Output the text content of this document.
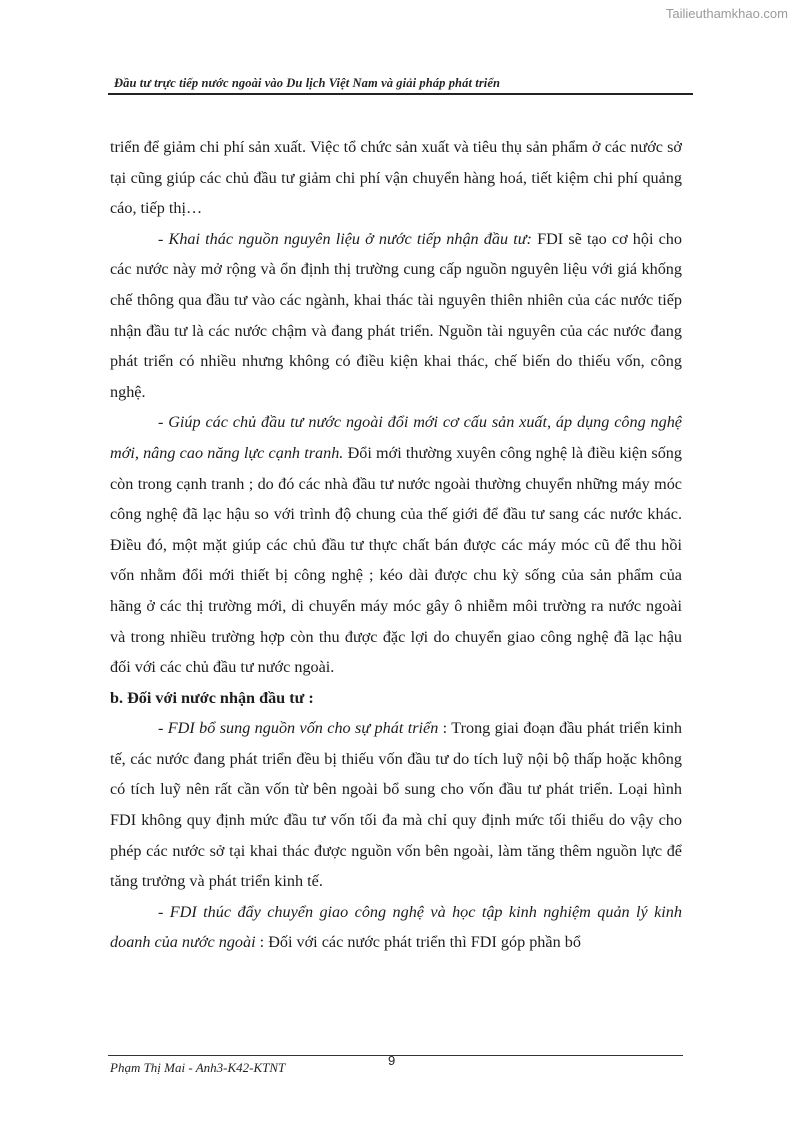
Tailieuthamkhao.com
Đầu tư trực tiếp nước ngoài vào Du lịch Việt Nam và giải pháp phát triển

triển để giảm chi phí sản xuất. Việc tổ chức sản xuất và tiêu thụ sản phẩm ở các nước sở tại cũng giúp các chủ đầu tư giảm chi phí vận chuyển hàng hoá, tiết kiệm chi phí quảng cáo, tiếp thị…

- Khai thác nguồn nguyên liệu ở nước tiếp nhận đầu tư: FDI sẽ tạo cơ hội cho các nước này mở rộng và ổn định thị trường cung cấp nguồn nguyên liệu với giá khống chế thông qua đầu tư vào các ngành, khai thác tài nguyên thiên nhiên của các nước tiếp nhận đầu tư là các nước chậm và đang phát triển. Nguồn tài nguyên của các nước đang phát triển có nhiều nhưng không có điều kiện khai thác, chế biến do thiếu vốn, công nghệ.

- Giúp các chủ đầu tư nước ngoài đổi mới cơ cấu sản xuất, áp dụng công nghệ mới, nâng cao năng lực cạnh tranh. Đổi mới thường xuyên công nghệ là điều kiện sống còn trong cạnh tranh ; do đó các nhà đầu tư nước ngoài thường chuyển những máy móc công nghệ đã lạc hậu so với trình độ chung của thế giới để đầu tư sang các nước khác. Điều đó, một mặt giúp các chủ đầu tư thực chất bán được các máy móc cũ để thu hồi vốn nhằm đổi mới thiết bị công nghệ ; kéo dài được chu kỳ sống của sản phẩm của hãng ở các thị trường mới, di chuyển máy móc gây ô nhiễm môi trường ra nước ngoài và trong nhiều trường hợp còn thu được đặc lợi do chuyển giao công nghệ đã lạc hậu đối với các chủ đầu tư nước ngoài.

b. Đối với nước nhận đầu tư :

- FDI bổ sung nguồn vốn cho sự phát triển : Trong giai đoạn đầu phát triển kinh tế, các nước đang phát triển đều bị thiếu vốn đầu tư do tích luỹ nội bộ thấp hoặc không có tích luỹ nên rất cần vốn từ bên ngoài bổ sung cho vốn đầu tư phát triển. Loại hình FDI không quy định mức đầu tư vốn tối đa mà chỉ quy định mức tối thiểu do vậy cho phép các nước sở tại khai thác được nguồn vốn bên ngoài, làm tăng thêm nguồn lực để tăng trưởng và phát triển kinh tế.

- FDI thúc đẩy chuyển giao công nghệ và học tập kinh nghiệm quản lý kinh doanh của nước ngoài : Đối với các nước phát triển thì FDI góp phần bổ

Phạm Thị Mai - Anh3-K42-KTNT	9
